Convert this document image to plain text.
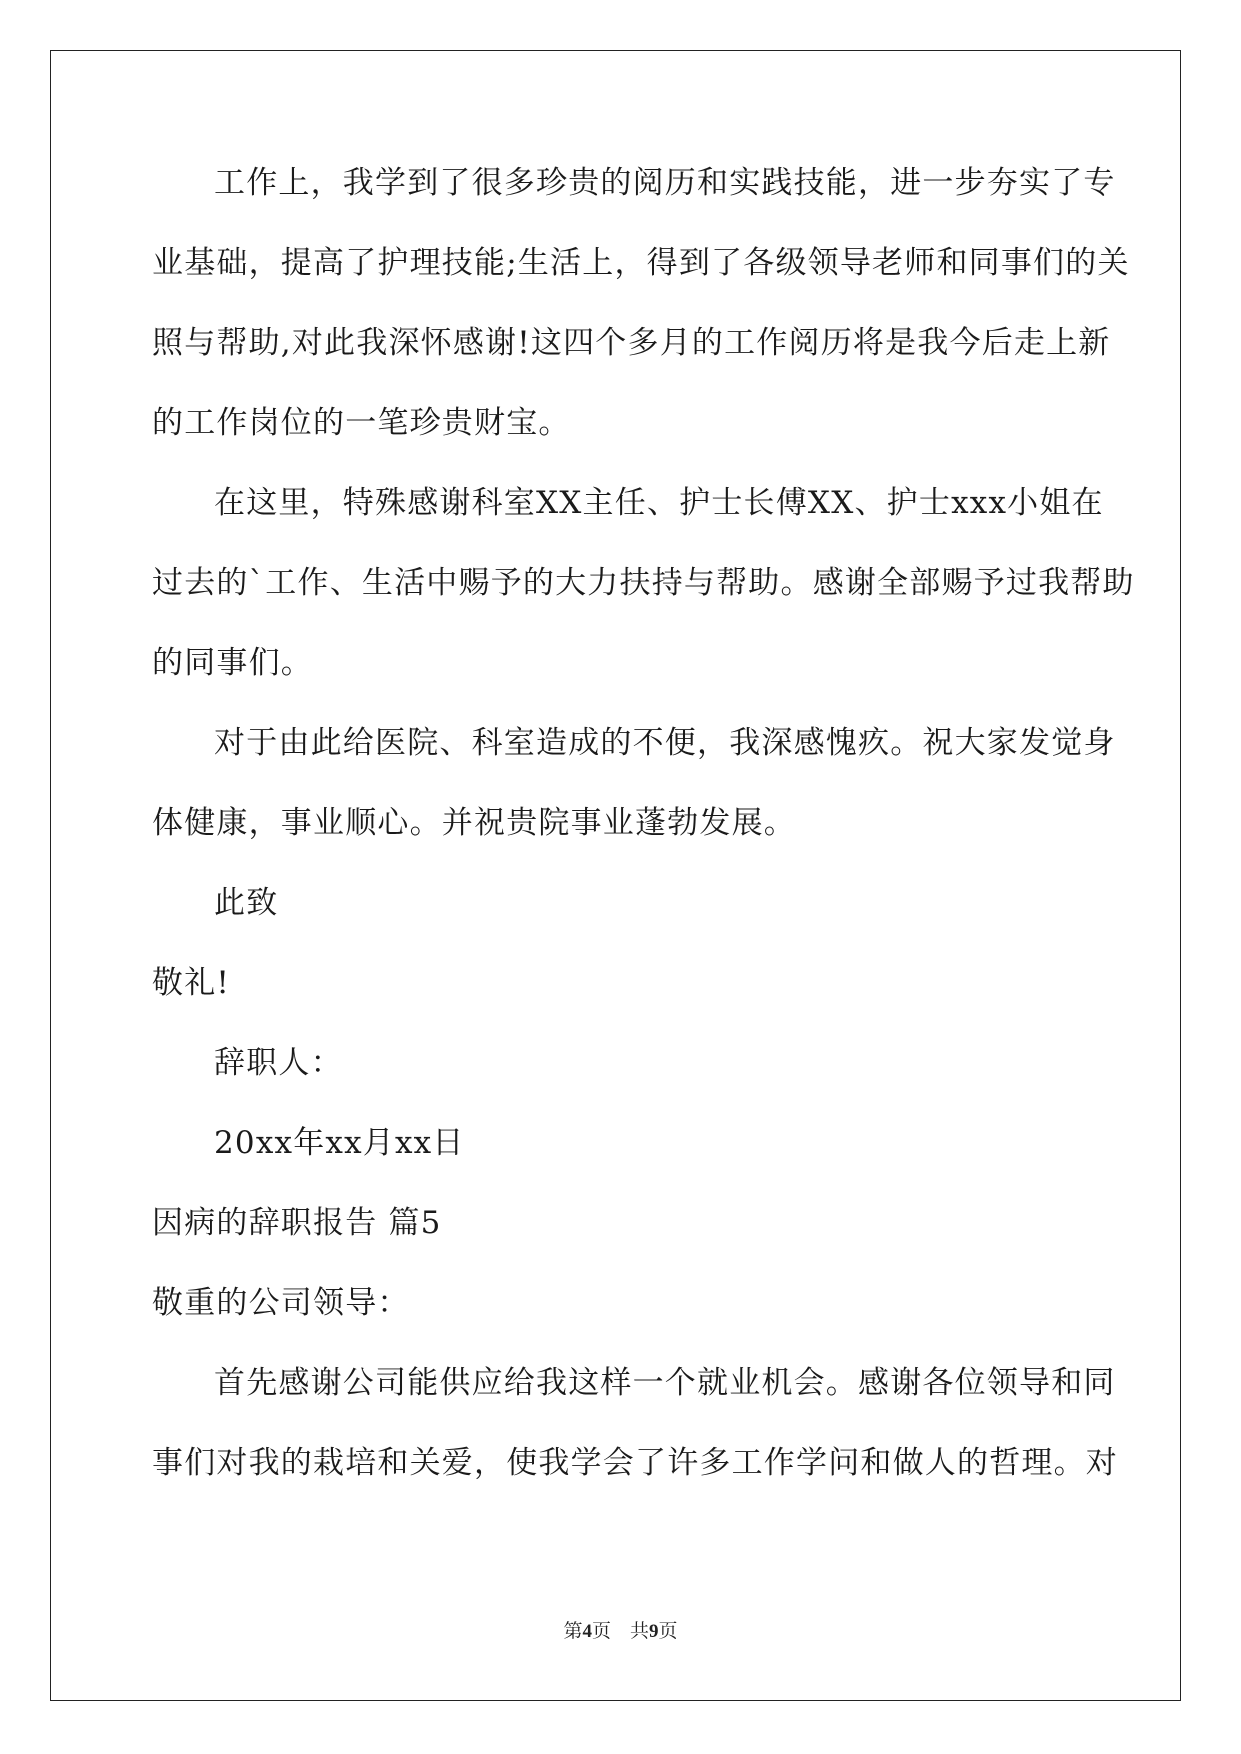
工作上，我学到了很多珍贵的阅历和实践技能，进一步夯实了专
业基础，提高了护理技能;生活上，得到了各级领导老师和同事们的关
照与帮助,对此我深怀感谢!这四个多月的工作阅历将是我今后走上新
的工作岗位的一笔珍贵财宝。
在这里，特殊感谢科室XX主任、护士长傅XX、护士xxx小姐在
过去的`工作、生活中赐予的大力扶持与帮助。感谢全部赐予过我帮助
的同事们。
对于由此给医院、科室造成的不便，我深感愧疚。祝大家发觉身
体健康，事业顺心。并祝贵院事业蓬勃发展。
此致
敬礼!
辞职人：
20xx年xx月xx日
因病的辞职报告 篇5
敬重的公司领导：
首先感谢公司能供应给我这样一个就业机会。感谢各位领导和同
事们对我的栽培和关爱，使我学会了许多工作学问和做人的哲理。对
第4页　共9页
